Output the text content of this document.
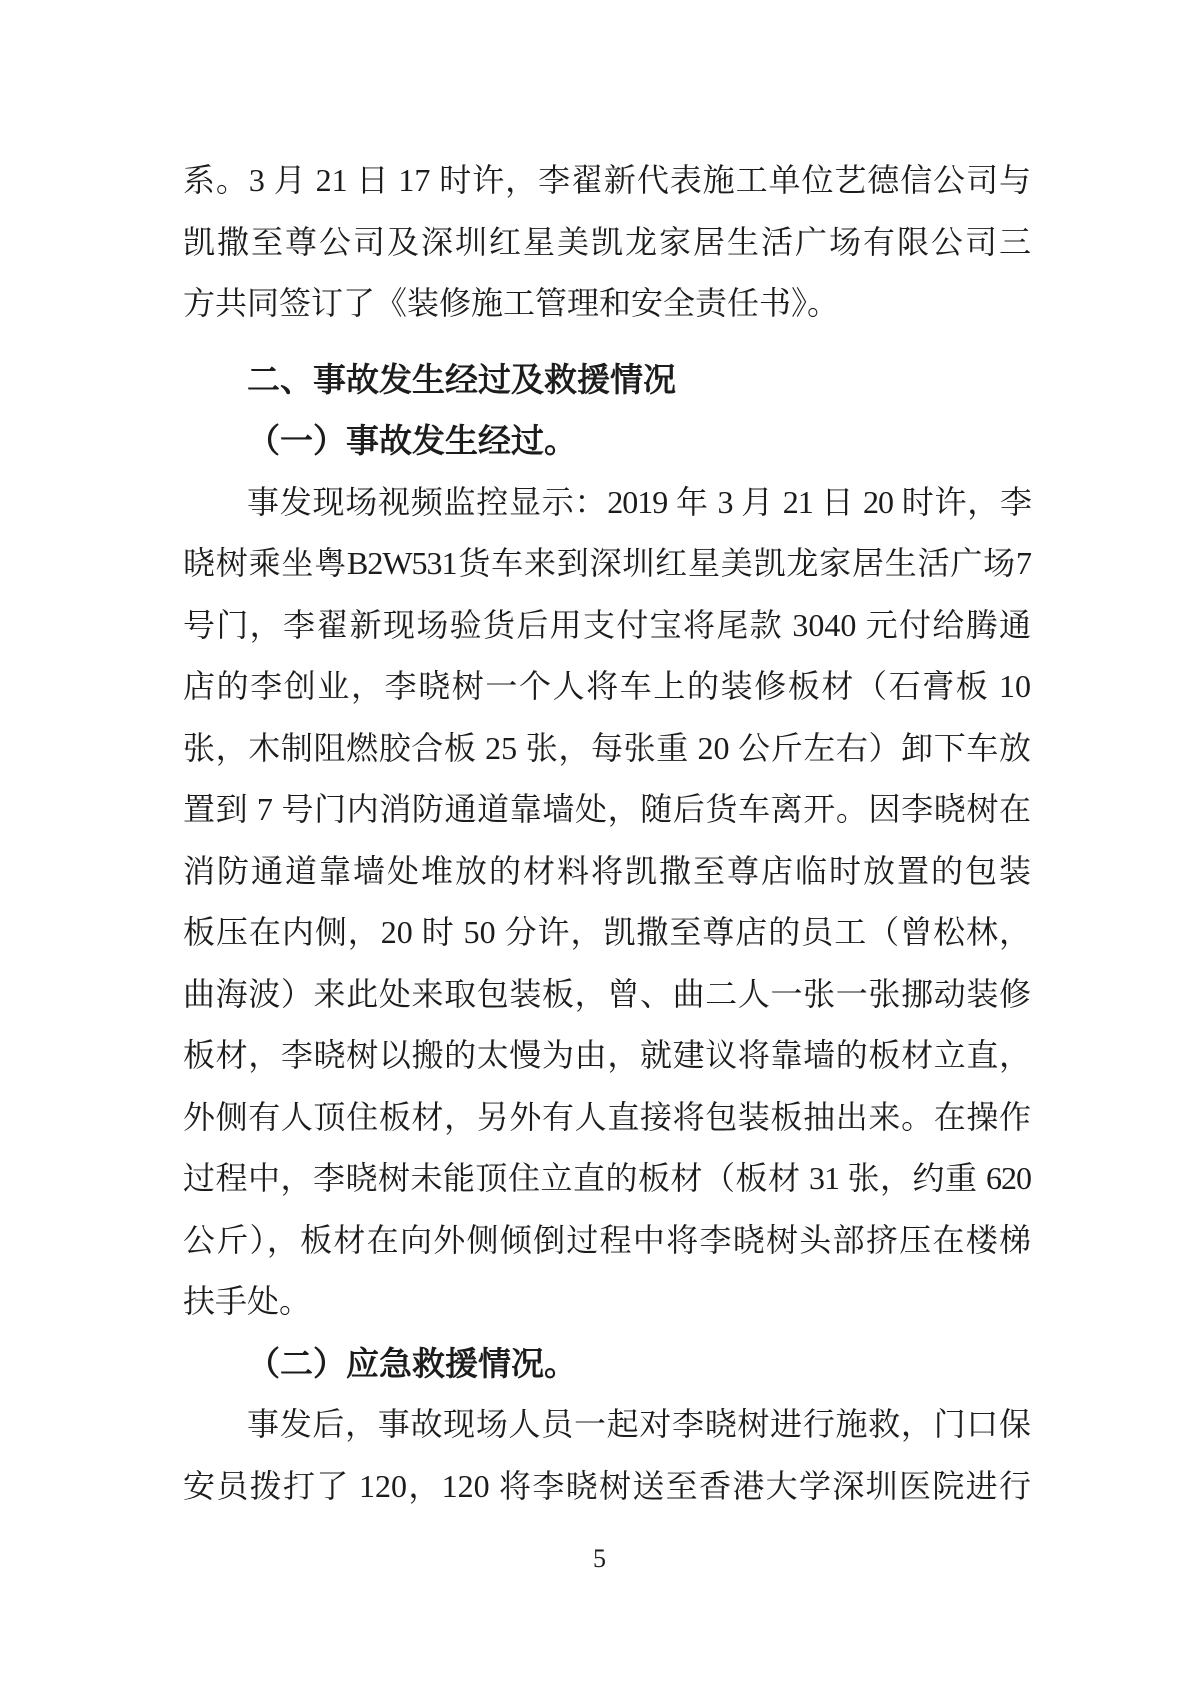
系。3 月 21 日 17 时许，李翟新代表施工单位艺德信公司与
凯撒至尊公司及深圳红星美凯龙家居生活广场有限公司三
方共同签订了《装修施工管理和安全责任书》。
二、事故发生经过及救援情况
（一）事故发生经过。
事发现场视频监控显示：2019 年 3 月 21 日 20 时许，李
晓树乘坐粤B2W531货车来到深圳红星美凯龙家居生活广场7
号门，李翟新现场验货后用支付宝将尾款 3040 元付给腾通
店的李创业，李晓树一个人将车上的装修板材（石膏板 10
张，木制阻燃胶合板 25 张，每张重 20 公斤左右）卸下车放
置到 7 号门内消防通道靠墙处，随后货车离开。因李晓树在
消防通道靠墙处堆放的材料将凯撒至尊店临时放置的包装
板压在内侧，20 时 50 分许，凯撒至尊店的员工（曾松林，
曲海波）来此处来取包装板，曾、曲二人一张一张挪动装修
板材，李晓树以搬的太慢为由，就建议将靠墙的板材立直，
外侧有人顶住板材，另外有人直接将包装板抽出来。在操作
过程中，李晓树未能顶住立直的板材（板材 31 张，约重 620
公斤），板材在向外侧倾倒过程中将李晓树头部挤压在楼梯
扶手处。
（二）应急救援情况。
事发后，事故现场人员一起对李晓树进行施救，门口保
安员拨打了 120，120 将李晓树送至香港大学深圳医院进行
5
